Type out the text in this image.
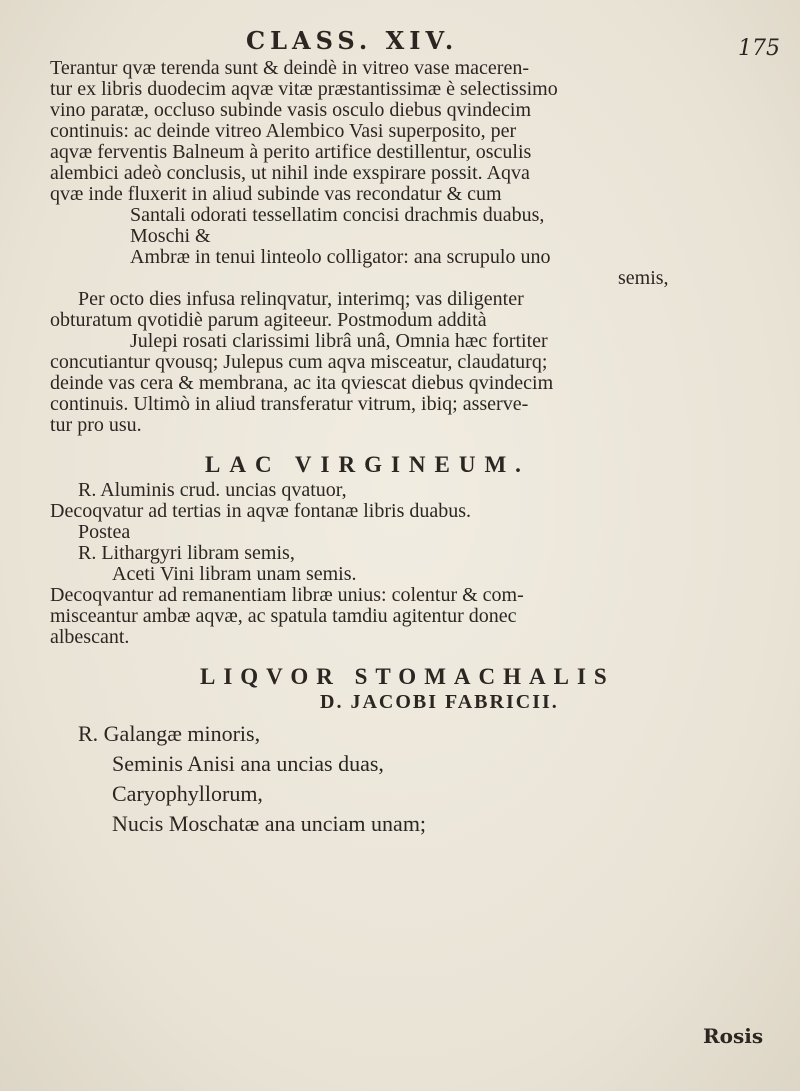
CLASS. XIV.	175
Terantur qvæ terenda sunt & deindè in vitreo vase maceren-
tur ex libris duodecim aqvæ vitæ præstantissimæ è selectissimo
vino paratæ, occluso subinde vasis osculo diebus qvindecim
continuis: ac deinde vitreo Alembico Vasi superposito, per
aqvæ ferventis Balneum à perito artifice destillentur, osculis
alembici adeò conclusis, ut nihil inde exspirare possit. Aqva
qvæ inde fluxerit in aliud subinde vas recondatur & cum
Santali odorati tessellatim concisi drachmis duabus,
Moschi &
Ambræ in tenui linteolo colligator: ana scrupulo uno
semis,
Per octo dies infusa relinqvatur, interimq; vas diligenter
obturatum qvotidiè parum agiteeur. Postmodum addità
Julepi rosati clarissimi librâ unâ, Omnia hæc fortiter
concutiantur qvousq; Julepus cum aqva misceatur, claudaturq;
deinde vas cera & membrana, ac ita qviescat diebus qvindecim
continuis. Ultimò in aliud transferatur vitrum, ibiq; asserve-
tur pro usu.
LAC VIRGINEUM.
R. Aluminis crud. uncias qvatuor,
Decoqvatur ad tertias in aqvæ fontanæ libris duabus.
Postea
R. Lithargyri libram semis,
Aceti Vini libram unam semis.
Decoqvantur ad remanentiam libræ unius: colentur & com-
misceantur ambæ aqvæ, ac spatula tamdiu agitentur donec
albescant.
LIQVOR STOMACHALIS
D. JACOBI FABRICII.
R. Galangæ minoris,
Seminis Anisi ana uncias duas,
Caryophyllorum,
Nucis Moschatæ ana unciam unam;
Rosis
